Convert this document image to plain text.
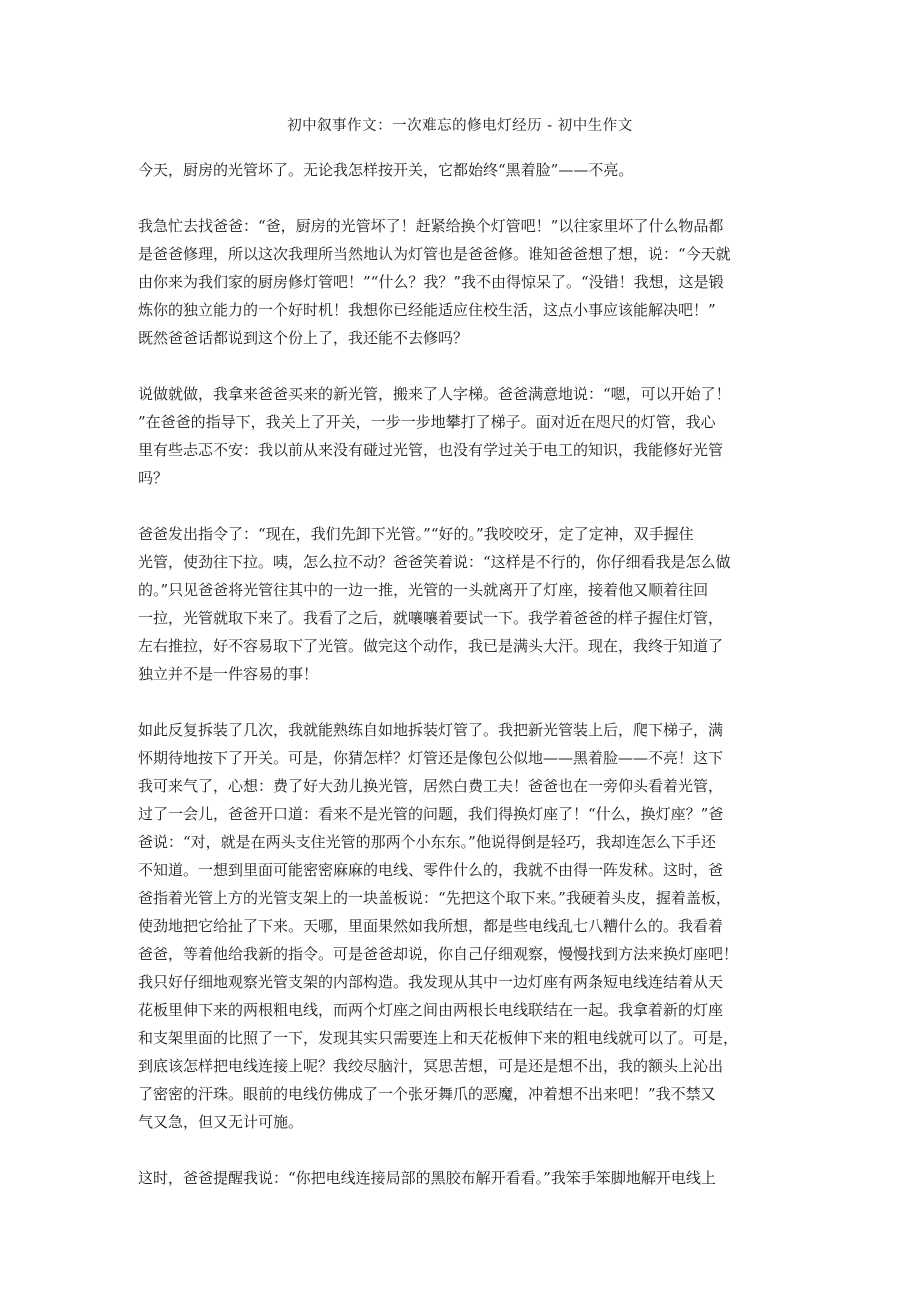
初中叙事作文：一次难忘的修电灯经历 - 初中生作文
今天，厨房的光管坏了。无论我怎样按开关，它都始终“黑着脸”——不亮。
我急忙去找爸爸：“爸，厨房的光管坏了！赶紧给换个灯管吧！”以往家里坏了什么物品都
是爸爸修理，所以这次我理所当然地认为灯管也是爸爸修。谁知爸爸想了想，说：“今天就
由你来为我们家的厨房修灯管吧！”“什么？我？”我不由得惊呆了。“没错！我想，这是锻
炼你的独立能力的一个好时机！我想你已经能适应住校生活，这点小事应该能解决吧！”
既然爸爸话都说到这个份上了，我还能不去修吗？
说做就做，我拿来爸爸买来的新光管，搬来了人字梯。爸爸满意地说：“嗯，可以开始了！
”在爸爸的指导下，我关上了开关，一步一步地攀打了梯子。面对近在咫尺的灯管，我心
里有些忐忑不安：我以前从来没有碰过光管，也没有学过关于电工的知识，我能修好光管
吗？
爸爸发出指令了：“现在，我们先卸下光管。”“好的。”我咬咬牙，定了定神，双手握住
光管，使劲往下拉。咦，怎么拉不动？爸爸笑着说：“这样是不行的，你仔细看我是怎么做
的。”只见爸爸将光管往其中的一边一推，光管的一头就离开了灯座，接着他又顺着往回
一拉，光管就取下来了。我看了之后，就嚷嚷着要试一下。我学着爸爸的样子握住灯管，
左右推拉，好不容易取下了光管。做完这个动作，我已是满头大汗。现在，我终于知道了
独立并不是一件容易的事！
如此反复拆装了几次，我就能熟练自如地拆装灯管了。我把新光管装上后，爬下梯子，满
怀期待地按下了开关。可是，你猜怎样？灯管还是像包公似地——黑着脸——不亮！这下
我可来气了，心想：费了好大劲儿换光管，居然白费工夫！爸爸也在一旁仰头看着光管，
过了一会儿，爸爸开口道：看来不是光管的问题，我们得换灯座了！“什么，换灯座？”爸
爸说：“对，就是在两头支住光管的那两个小东东。”他说得倒是轻巧，我却连怎么下手还
不知道。一想到里面可能密密麻麻的电线、零件什么的，我就不由得一阵发秫。这时，爸
爸指着光管上方的光管支架上的一块盖板说：“先把这个取下来。”我硬着头皮，握着盖板，
使劲地把它给扯了下来。天哪，里面果然如我所想，都是些电线乱七八糟什么的。我看着
爸爸，等着他给我新的指令。可是爸爸却说，你自己仔细观察，慢慢找到方法来换灯座吧！
我只好仔细地观察光管支架的内部构造。我发现从其中一边灯座有两条短电线连结着从天
花板里伸下来的两根粗电线，而两个灯座之间由两根长电线联结在一起。我拿着新的灯座
和支架里面的比照了一下，发现其实只需要连上和天花板伸下来的粗电线就可以了。可是，
到底该怎样把电线连接上呢？我绞尽脑汁，冥思苦想，可是还是想不出，我的额头上沁出
了密密的汗珠。眼前的电线仿佛成了一个张牙舞爪的恶魔，冲着想不出来吧！”我不禁又
气又急，但又无计可施。
这时，爸爸提醒我说：“你把电线连接局部的黑胶布解开看看。”我笨手笨脚地解开电线上
